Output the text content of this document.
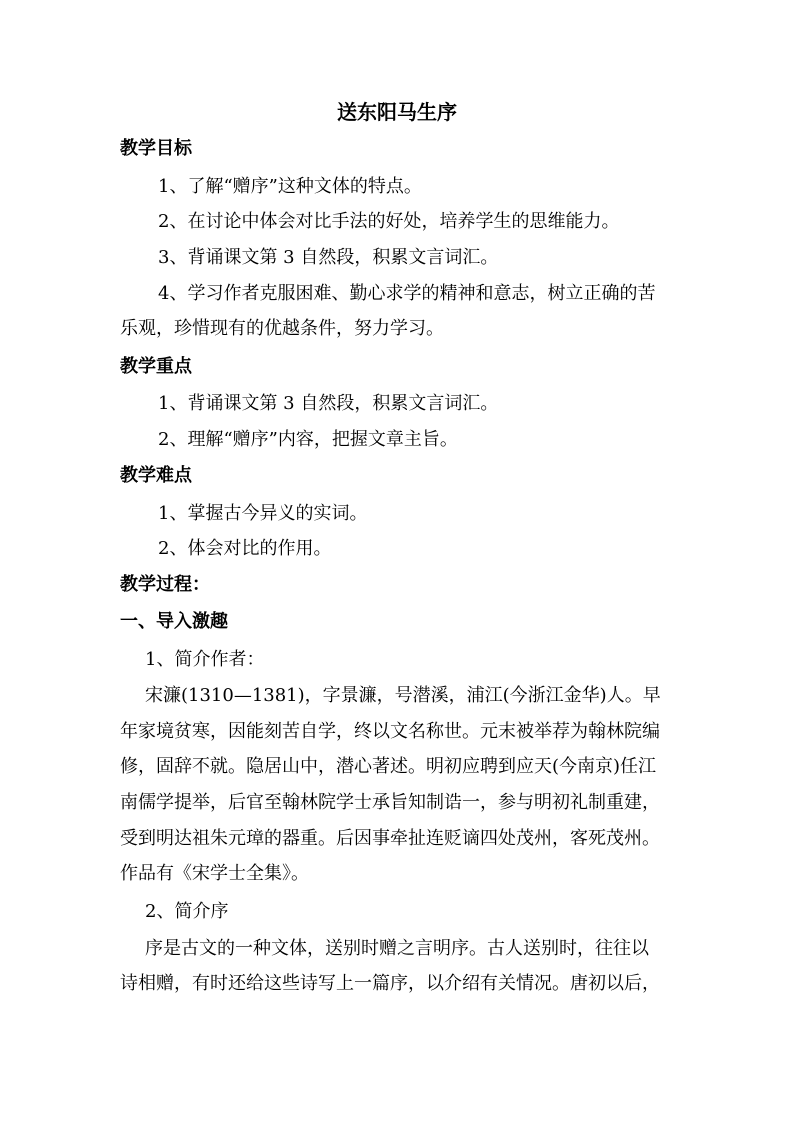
送东阳马生序
教学目标
1、了解“赠序”这种文体的特点。
2、在讨论中体会对比手法的好处，培养学生的思维能力。
3、背诵课文第 3 自然段，积累文言词汇。
4、学习作者克服困难、勤心求学的精神和意志，树立正确的苦
乐观，珍惜现有的优越条件，努力学习。
教学重点
1、背诵课文第 3 自然段，积累文言词汇。
2、理解“赠序”内容，把握文章主旨。
教学难点
1、掌握古今异义的实词。
2、体会对比的作用。
教学过程：
一、导入激趣
1、简介作者：
宋濂(1310—1381)，字景濂，号潜溪，浦江(今浙江金华)人。早
年家境贫寒，因能刻苦自学，终以文名称世。元末被举荐为翰林院编
修，固辞不就。隐居山中，潜心著述。明初应聘到应天(今南京)任江
南儒学提举，后官至翰林院学士承旨知制诰一，参与明初礼制重建，
受到明达祖朱元璋的器重。后因事牵扯连贬谪四处茂州，客死茂州。
作品有《宋学士全集》。
2、简介序
序是古文的一种文体，送别时赠之言明序。古人送别时，往往以
诗相赠，有时还给这些诗写上一篇序，以介绍有关情况。唐初以后，
